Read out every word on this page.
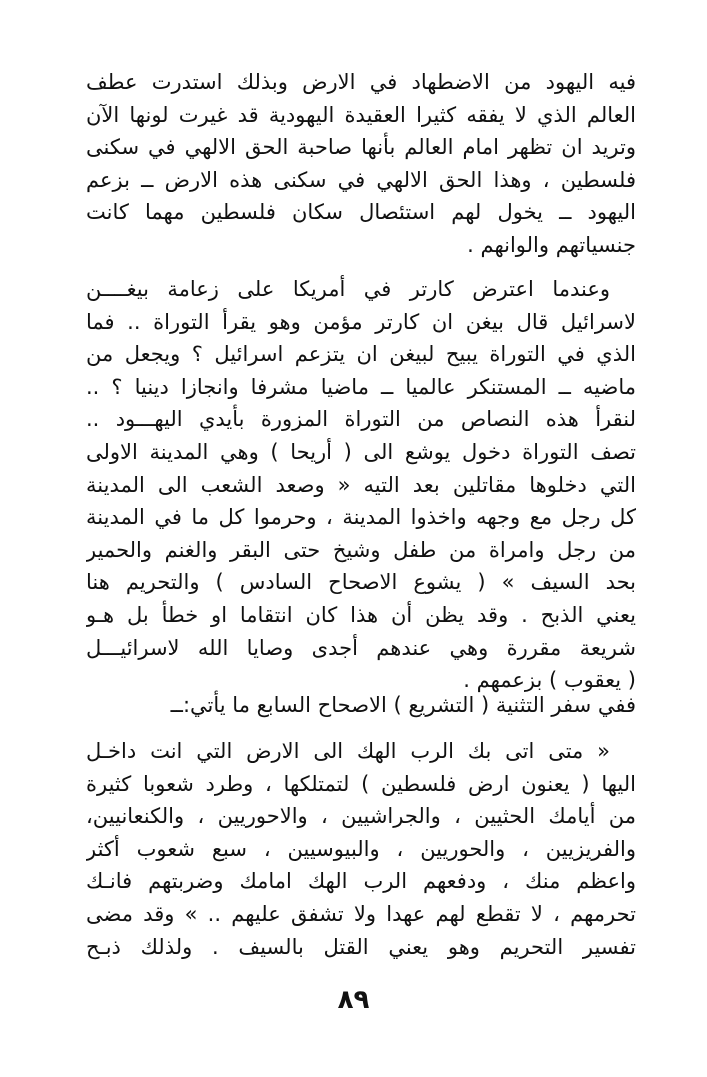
فيه اليهود من الاضطهاد في الارض وبذلك استدرت عطف
العالم الذي لا يفقه كثيرا العقيدة اليهودية قد غيرت لونها الآن
وتريد ان تظهر امام العالم بأنها صاحبة الحق الالهي في سكنى
فلسطين ، وهذا الحق الالهي في سكنى هذه الارض ــ بزعم
اليهود ــ يخول لهم استئصال سكان فلسطين مهما كانت
جنسياتهم والوانهم .
وعندما اعترض كارتر في أمريكا على زعامة بيغــــن
لاسرائيل قال بيغن ان كارتر مؤمن وهو يقرأ التوراة .. فما
الذي في التوراة يبيح لبيغن ان يتزعم اسرائيل ؟ ويجعل من
ماضيه ــ المستنكر عالميا ــ ماضيا مشرفا وانجازا دينيا ؟ ..
لنقرأ هذه النصاص من التوراة المزورة بأيدي اليهـــود ..
تصف التوراة دخول يوشع الى ( أريحا ) وهي المدينة الاولى
التي دخلوها مقاتلين بعد التيه « وصعد الشعب الى المدينة
كل رجل مع وجهه واخذوا المدينة ، وحرموا كل ما في المدينة
من رجل وامراة من طفل وشيخ حتى البقر والغنم والحمير
بحد السيف » ( يشوع الاصحاح السادس ) والتحريم هنا
يعني الذبح . وقد يظن أن هذا كان انتقاما او خطأ بل هـو
شريعة مقررة وهي عندهم أجدى وصايا الله لاسرائيـــل
( يعقوب ) بزعمهم .
ففي سفر التثنية ( التشريع ) الاصحاح السابع ما يأتي:ــ
« متى اتى بك الرب الهك الى الارض التي انت داخـل
اليها ( يعنون ارض فلسطين ) لتمتلكها ، وطرد شعوبا كثيرة
من أيامك الحثيين ، والجراشيين ، والاحوريين ، والكنعانيين،
والفريزيين ، والحوريين ، والبيوسيين ، سبع شعوب أكثر
واعظم منك ، ودفعهم الرب الهك امامك وضربتهم فانـك
تحرمهم ، لا تقطع لهم عهدا ولا تشفق عليهم .. » وقد مضى
تفسير التحريم وهو يعني القتل بالسيف . ولذلك ذبـح
٨٩
